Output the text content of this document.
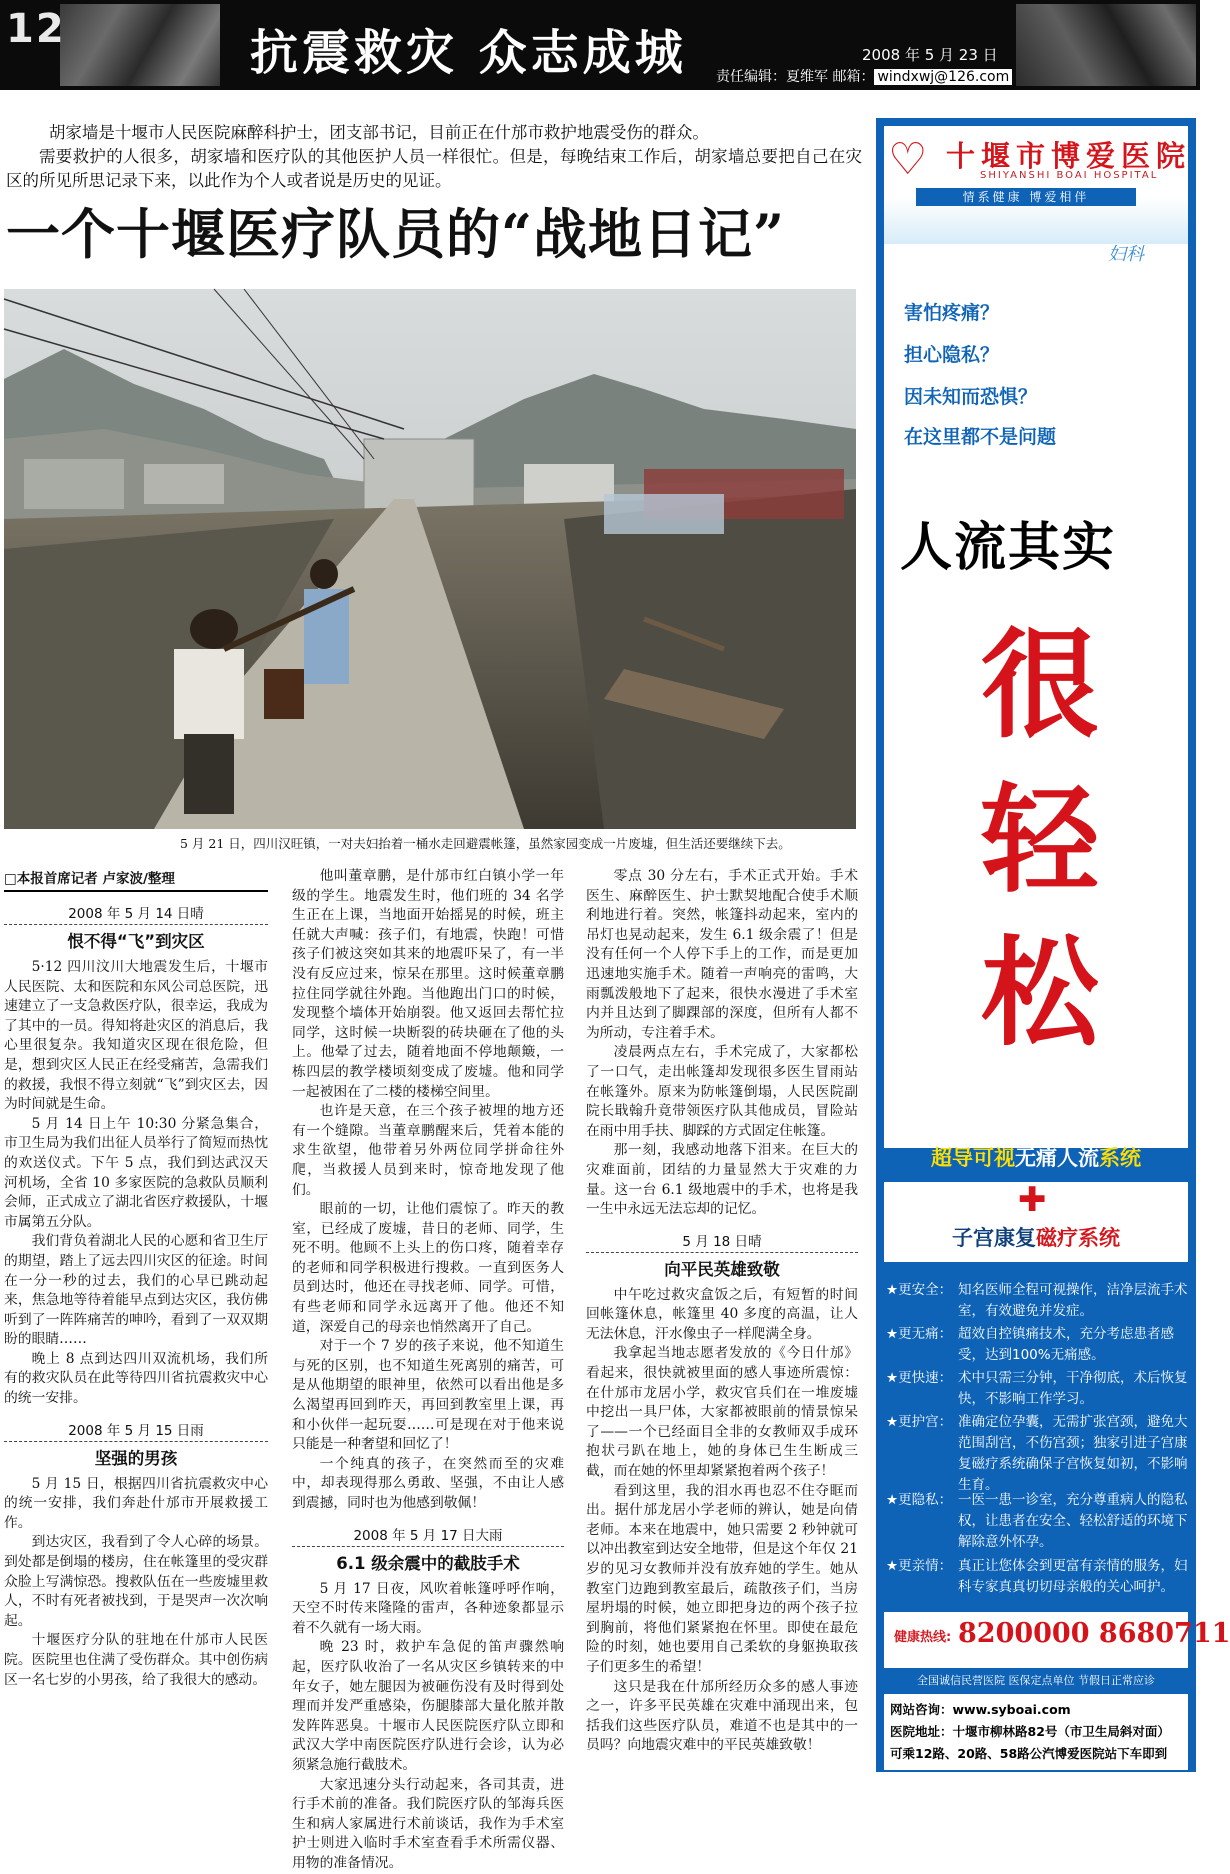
12	抗震救灾 众志成城	2008 年 5 月 23 日
责任编辑：夏维军 邮箱： windxwj@126.com
胡家墙是十堰市人民医院麻醉科护士，团支部书记，目前正在什邡市救护地震受伤的群众。
需要救护的人很多，胡家墙和医疗队的其他医护人员一样很忙。但是，每晚结束工作后，胡家墙总要把自己在灾区的所见所思记录下来，以此作为个人或者说是历史的见证。
一个十堰医疗队员的“战地日记”
5 月 21 日，四川汉旺镇，一对夫妇抬着一桶水走回避震帐篷，虽然家园变成一片废墟，但生活还要继续下去。
□本报首席记者 卢家波/整理
2008 年 5 月 14 日晴
恨不得“飞”到灾区

5·12 四川汶川大地震发生后，十堰市人民医院、太和医院和东风公司总医院，迅速建立了一支急救医疗队，很幸运，我成为了其中的一员。得知将赴灾区的消息后，我心里很复杂。我知道灾区现在很危险，但是，想到灾区人民正在经受痛苦，急需我们的救援，我恨不得立刻就“飞”到灾区去，因为时间就是生命。

5 月 14 日上午 10:30 分紧急集合，市卫生局为我们出征人员举行了简短而热忱的欢送仪式。下午 5 点，我们到达武汉天河机场，全省 10 多家医院的急救队员顺利会师，正式成立了湖北省医疗救援队，十堰市属第五分队。

我们背负着湖北人民的心愿和省卫生厅的期望，踏上了远去四川灾区的征途。时间在一分一秒的过去，我们的心早已跳动起来，焦急地等待着能早点到达灾区，我仿佛听到了一阵阵痛苦的呻吟，看到了一双双期盼的眼睛……

晚上 8 点到达四川双流机场，我们所有的救灾队员在此等待四川省抗震救灾中心的统一安排。

2008 年 5 月 15 日雨
坚强的男孩

5 月 15 日，根据四川省抗震救灾中心的统一安排，我们奔赴什邡市开展救援工作。

到达灾区，我看到了令人心碎的场景。到处都是倒塌的楼房，住在帐篷里的受灾群众脸上写满惊恐。搜救队伍在一些废墟里救人，不时有死者被找到，于是哭声一次次响起。

十堰医疗分队的驻地在什邡市人民医院。医院里也住满了受伤群众。其中创伤病区一名七岁的小男孩，给了我很大的感动。

他叫董章鹏，是什邡市红白镇小学一年级的学生。地震发生时，他们班的 34 名学生正在上课，当地面开始摇晃的时候，班主任就大声喊：孩子们，有地震，快跑！可惜孩子们被这突如其来的地震吓呆了，有一半没有反应过来，惊呆在那里。这时候董章鹏拉住同学就往外跑。当他跑出门口的时候，发现整个墙体开始崩裂。他又返回去帮忙拉同学，这时候一块断裂的砖块砸在了他的头上。他晕了过去，随着地面不停地颠簸，一栋四层的教学楼顷刻变成了废墟。他和同学一起被困在了二楼的楼梯空间里。

也许是天意，在三个孩子被埋的地方还有一个缝隙。当董章鹏醒来后，凭着本能的求生欲望，他带着另外两位同学拼命往外爬，当救援人员到来时，惊奇地发现了他们。

眼前的一切，让他们震惊了。昨天的教室，已经成了废墟，昔日的老师、同学，生死不明。他顾不上头上的伤口疼，随着幸存的老师和同学积极进行搜救。一直到医务人员到达时，他还在寻找老师、同学。可惜，有些老师和同学永远离开了他。他还不知道，深爱自己的母亲也悄然离开了自己。

对于一个 7 岁的孩子来说，他不知道生与死的区别，也不知道生死离别的痛苦，可是从他期望的眼神里，依然可以看出他是多么渴望再回到昨天，再回到教室里上课，再和小伙伴一起玩耍……可是现在对于他来说只能是一种奢望和回忆了！

一个纯真的孩子，在突然而至的灾难中，却表现得那么勇敢、坚强，不由让人感到震撼，同时也为他感到敬佩！

2008 年 5 月 17 日大雨
6.1 级余震中的截肢手术

5 月 17 日夜，风吹着帐篷呼呼作响，天空不时传来隆隆的雷声，各种迹象都显示着不久就有一场大雨。

晚 23 时，救护车急促的笛声骤然响起，医疗队收治了一名从灾区乡镇转来的中年女子，她左腿因为被砸伤没有及时得到处理而并发严重感染，伤腿膝部大量化脓并散发阵阵恶臭。十堰市人民医院医疗队立即和武汉大学中南医院医疗队进行会诊，认为必须紧急施行截肢术。

大家迅速分头行动起来，各司其责，进行手术前的准备。我们院医疗队的邹海兵医生和病人家属进行术前谈话，我作为手术室护士则进入临时手术室查看手术所需仪器、用物的准备情况。

零点 30 分左右，手术正式开始。手术医生、麻醉医生、护士默契地配合使手术顺利地进行着。突然，帐篷抖动起来，室内的吊灯也晃动起来，发生 6.1 级余震了！但是没有任何一个人停下手上的工作，而是更加迅速地实施手术。随着一声响亮的雷鸣，大雨瓢泼般地下了起来，很快水漫进了手术室内并且达到了脚踝部的深度，但所有人都不为所动，专注着手术。

凌晨两点左右，手术完成了，大家都松了一口气，走出帐篷却发现很多医生冒雨站在帐篷外。原来为防帐篷倒塌，人民医院副院长戢翰升竟带领医疗队其他成员，冒险站在雨中用手扶、脚踩的方式固定住帐篷。

那一刻，我感动地落下泪来。在巨大的灾难面前，团结的力量显然大于灾难的力量。这一台 6.1 级地震中的手术，也将是我一生中永远无法忘却的记忆。

5 月 18 日晴
向平民英雄致敬

中午吃过救灾盒饭之后，有短暂的时间回帐篷休息，帐篷里 40 多度的高温，让人无法休息，汗水像虫子一样爬满全身。

我拿起当地志愿者发放的《今日什邡》看起来，很快就被里面的感人事迹所震惊：在什邡市龙居小学，救灾官兵们在一堆废墟中挖出一具尸体，大家都被眼前的情景惊呆了——一个已经面目全非的女教师双手成环抱状弓趴在地上，她的身体已生生断成三截，而在她的怀里却紧紧抱着两个孩子！

看到这里，我的泪水再也忍不住夺眶而出。据什邡龙居小学老师的辨认，她是向倩老师。本来在地震中，她只需要 2 秒钟就可以冲出教室到达安全地带，但是这个年仅 21 岁的见习女教师并没有放弃她的学生。她从教室门边跑到教室最后，疏散孩子们，当房屋坍塌的时候，她立即把身边的两个孩子拉到胸前，将他们紧紧抱在怀里。即使在最危险的时刻，她也要用自己柔软的身躯换取孩子们更多生的希望！

这只是我在什邡所经历众多的感人事迹之一，许多平民英雄在灾难中涌现出来，包括我们这些医疗队员，难道不也是其中的一员吗？向地震灾难中的平民英雄致敬！

♡ 十堰市博爱医院
SHIYANSHI BOAI HOSPITAL
情系健康 博爱相伴
妇科
害怕疼痛？
担心隐私？
因未知而恐惧？
在这里都不是问题
人流其实
很
轻
松
超导可视无痛人流系统
✚
子宫康复磁疗系统
★更安全： 知名医师全程可视操作，洁净层流手术室，有效避免并发症。
★更无痛： 超效自控镇痛技术，充分考虑患者感受，达到100%无痛感。
★更快速： 术中只需三分钟，干净彻底，术后恢复快，不影响工作学习。
★更护宫： 准确定位孕囊，无需扩张宫颈，避免大范围刮宫，不伤宫颈；独家引进子宫康复磁疗系统确保子宫恢复如初，不影响生育。
★更隐私： 一医一患一诊室，充分尊重病人的隐私权，让患者在安全、轻松舒适的环境下解除意外怀孕。
★更亲情： 真正让您体会到更富有亲情的服务，妇科专家真真切切母亲般的关心呵护。
健康热线: 8200000 8680711
全国诚信民营医院 医保定点单位 节假日正常应诊
网站咨询：www.syboai.com
医院地址：十堰市柳林路82号（市卫生局斜对面）
可乘12路、20路、58路公汽博爱医院站下车即到
